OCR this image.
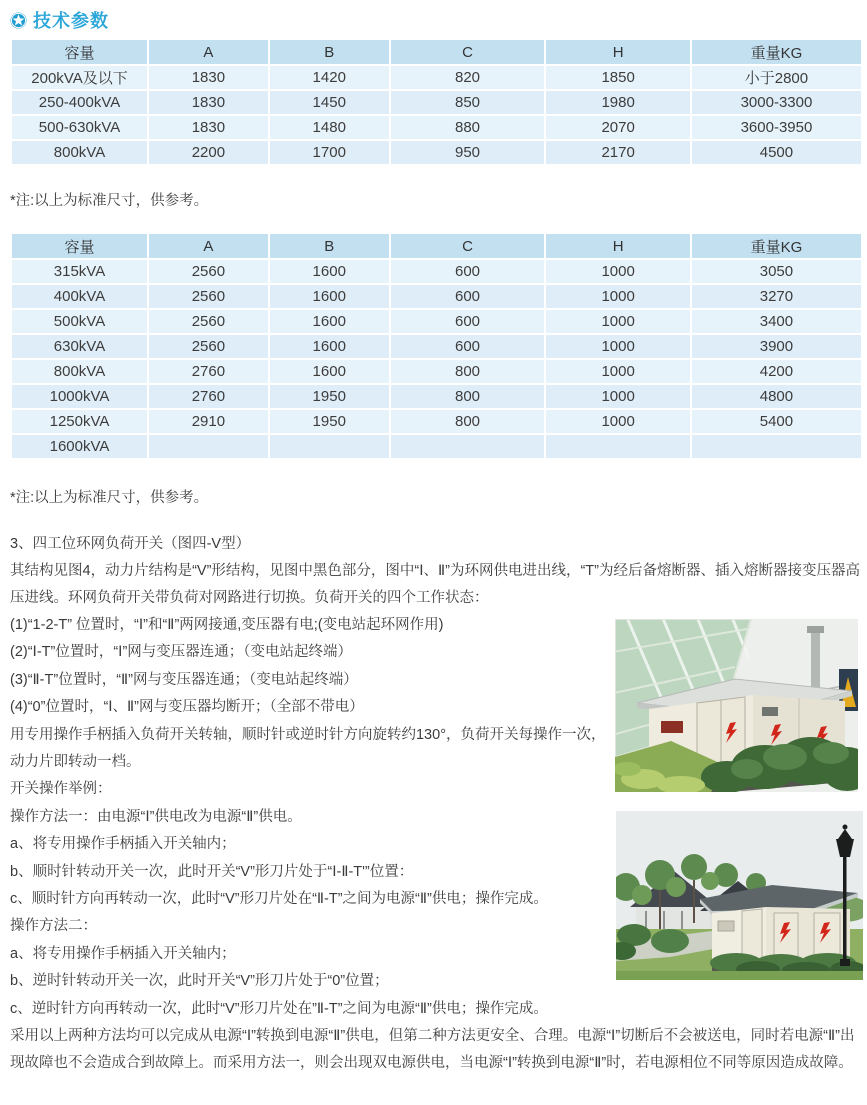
技术参数
容量	A	B	C	H	重量KG
200kVA及以下	1830	1420	820	1850	小于2800
250-400kVA	1830	1450	850	1980	3000-3300
500-630kVA	1830	1480	880	2070	3600-3950
800kVA	2200	1700	950	2170	4500
*注:以上为标准尺寸，供参考。
容量	A	B	C	H	重量KG
315kVA	2560	1600	600	1000	3050
400kVA	2560	1600	600	1000	3270
500kVA	2560	1600	600	1000	3400
630kVA	2560	1600	600	1000	3900
800kVA	2760	1600	800	1000	4200
1000kVA	2760	1950	800	1000	4800
1250kVA	2910	1950	800	1000	5400
1600kVA					
*注:以上为标准尺寸，供参考。
3、四工位环网负荷开关（图四-V型）

其结构见图4，动力片结构是“V”形结构，见图中黑色部分，图中“Ⅰ、Ⅱ”为环网供电进出线，“T”为经后备熔断器、插入熔断器接变压器高压进线。环网负荷开关带负荷对网路进行切换。负荷开关的四个工作状态：

(1)“1-2-T” 位置时，“Ⅰ”和“Ⅱ”两网接通,变压器有电;(变电站起环网作用)
(2)“Ⅰ-T”位置时，“Ⅰ”网与变压器连通；（变电站起终端）
(3)“Ⅱ-T”位置时，“Ⅱ”网与变压器连通；（变电站起终端）
(4)“0”位置时，“Ⅰ、Ⅱ”网与变压器均断开；（全部不带电）
用专用操作手柄插入负荷开关转轴，顺时针或逆时针方向旋转约130°，负荷开关每操作一次，
动力片即转动一档。
开关操作举例：
操作方法一：由电源“Ⅰ”供电改为电源“Ⅱ”供电。
a、将专用操作手柄插入开关轴内；
b、顺时针转动开关一次，此时开关“V”形刀片处于“Ⅰ-Ⅱ-T'”位置：
c、顺时针方向再转动一次，此时“V”形刀片处在“Ⅱ-T”之间为电源“Ⅱ”供电；操作完成。
操作方法二：
a、将专用操作手柄插入开关轴内；
b、逆时针转动开关一次，此时开关“V”形刀片处于“0”位置；
c、逆时针方向再转动一次，此时“V”形刀片处在”Ⅱ-T”之间为电源“Ⅱ”供电；操作完成。

采用以上两种方法均可以完成从电源“Ⅰ”转换到电源“Ⅱ”供电，但第二种方法更安全、合理。电源“Ⅰ”切断后不会被送电，同时若电源“Ⅱ”出现故障也不会造成合到故障上。而采用方法一，则会出现双电源供电，当电源“Ⅰ”转换到电源“Ⅱ”时，若电源相位不同等原因造成故障。
